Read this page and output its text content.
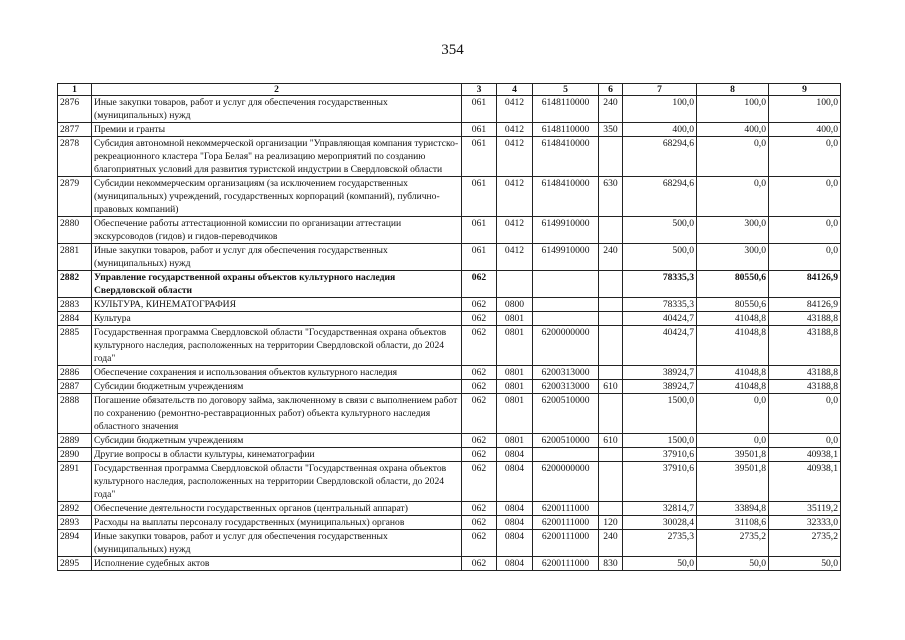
354
1	2	3	4	5	6	7	8	9
2876	Иные закупки товаров, работ и услуг для обеспечения государственных (муниципальных) нужд	061	0412	6148110000	240	100,0	100,0	100,0
2877	Премии и гранты	061	0412	6148110000	350	400,0	400,0	400,0
2878	Субсидия автономной некоммерческой организации "Управляющая компания туристско-рекреационного кластера "Гора Белая" на реализацию мероприятий по созданию благоприятных условий для развития туристской индустрии в Свердловской области	061	0412	6148410000		68294,6	0,0	0,0
2879	Субсидии некоммерческим организациям (за исключением государственных (муниципальных) учреждений, государственных корпораций (компаний), публично-правовых компаний)	061	0412	6148410000	630	68294,6	0,0	0,0
2880	Обеспечение работы аттестационной комиссии по организации аттестации экскурсоводов (гидов) и гидов-переводчиков	061	0412	6149910000		500,0	300,0	0,0
2881	Иные закупки товаров, работ и услуг для обеспечения государственных (муниципальных) нужд	061	0412	6149910000	240	500,0	300,0	0,0
2882	Управление государственной охраны объектов культурного наследия Свердловской области	062				78335,3	80550,6	84126,9
2883	КУЛЬТУРА, КИНЕМАТОГРАФИЯ	062	0800			78335,3	80550,6	84126,9
2884	Культура	062	0801			40424,7	41048,8	43188,8
2885	Государственная программа Свердловской области "Государственная охрана объектов культурного наследия, расположенных на территории Свердловской области, до 2024 года"	062	0801	6200000000		40424,7	41048,8	43188,8
2886	Обеспечение сохранения и использования объектов культурного наследия	062	0801	6200313000		38924,7	41048,8	43188,8
2887	Субсидии бюджетным учреждениям	062	0801	6200313000	610	38924,7	41048,8	43188,8
2888	Погашение обязательств по договору займа, заключенному в связи с выполнением работ по сохранению (ремонтно-реставрационных работ) объекта культурного наследия областного значения	062	0801	6200510000		1500,0	0,0	0,0
2889	Субсидии бюджетным учреждениям	062	0801	6200510000	610	1500,0	0,0	0,0
2890	Другие вопросы в области культуры, кинематографии	062	0804			37910,6	39501,8	40938,1
2891	Государственная программа Свердловской области "Государственная охрана объектов культурного наследия, расположенных на территории Свердловской области, до 2024 года"	062	0804	6200000000		37910,6	39501,8	40938,1
2892	Обеспечение деятельности государственных органов (центральный аппарат)	062	0804	6200111000		32814,7	33894,8	35119,2
2893	Расходы на выплаты персоналу государственных (муниципальных) органов	062	0804	6200111000	120	30028,4	31108,6	32333,0
2894	Иные закупки товаров, работ и услуг для обеспечения государственных (муниципальных) нужд	062	0804	6200111000	240	2735,3	2735,2	2735,2
2895	Исполнение судебных актов	062	0804	6200111000	830	50,0	50,0	50,0
